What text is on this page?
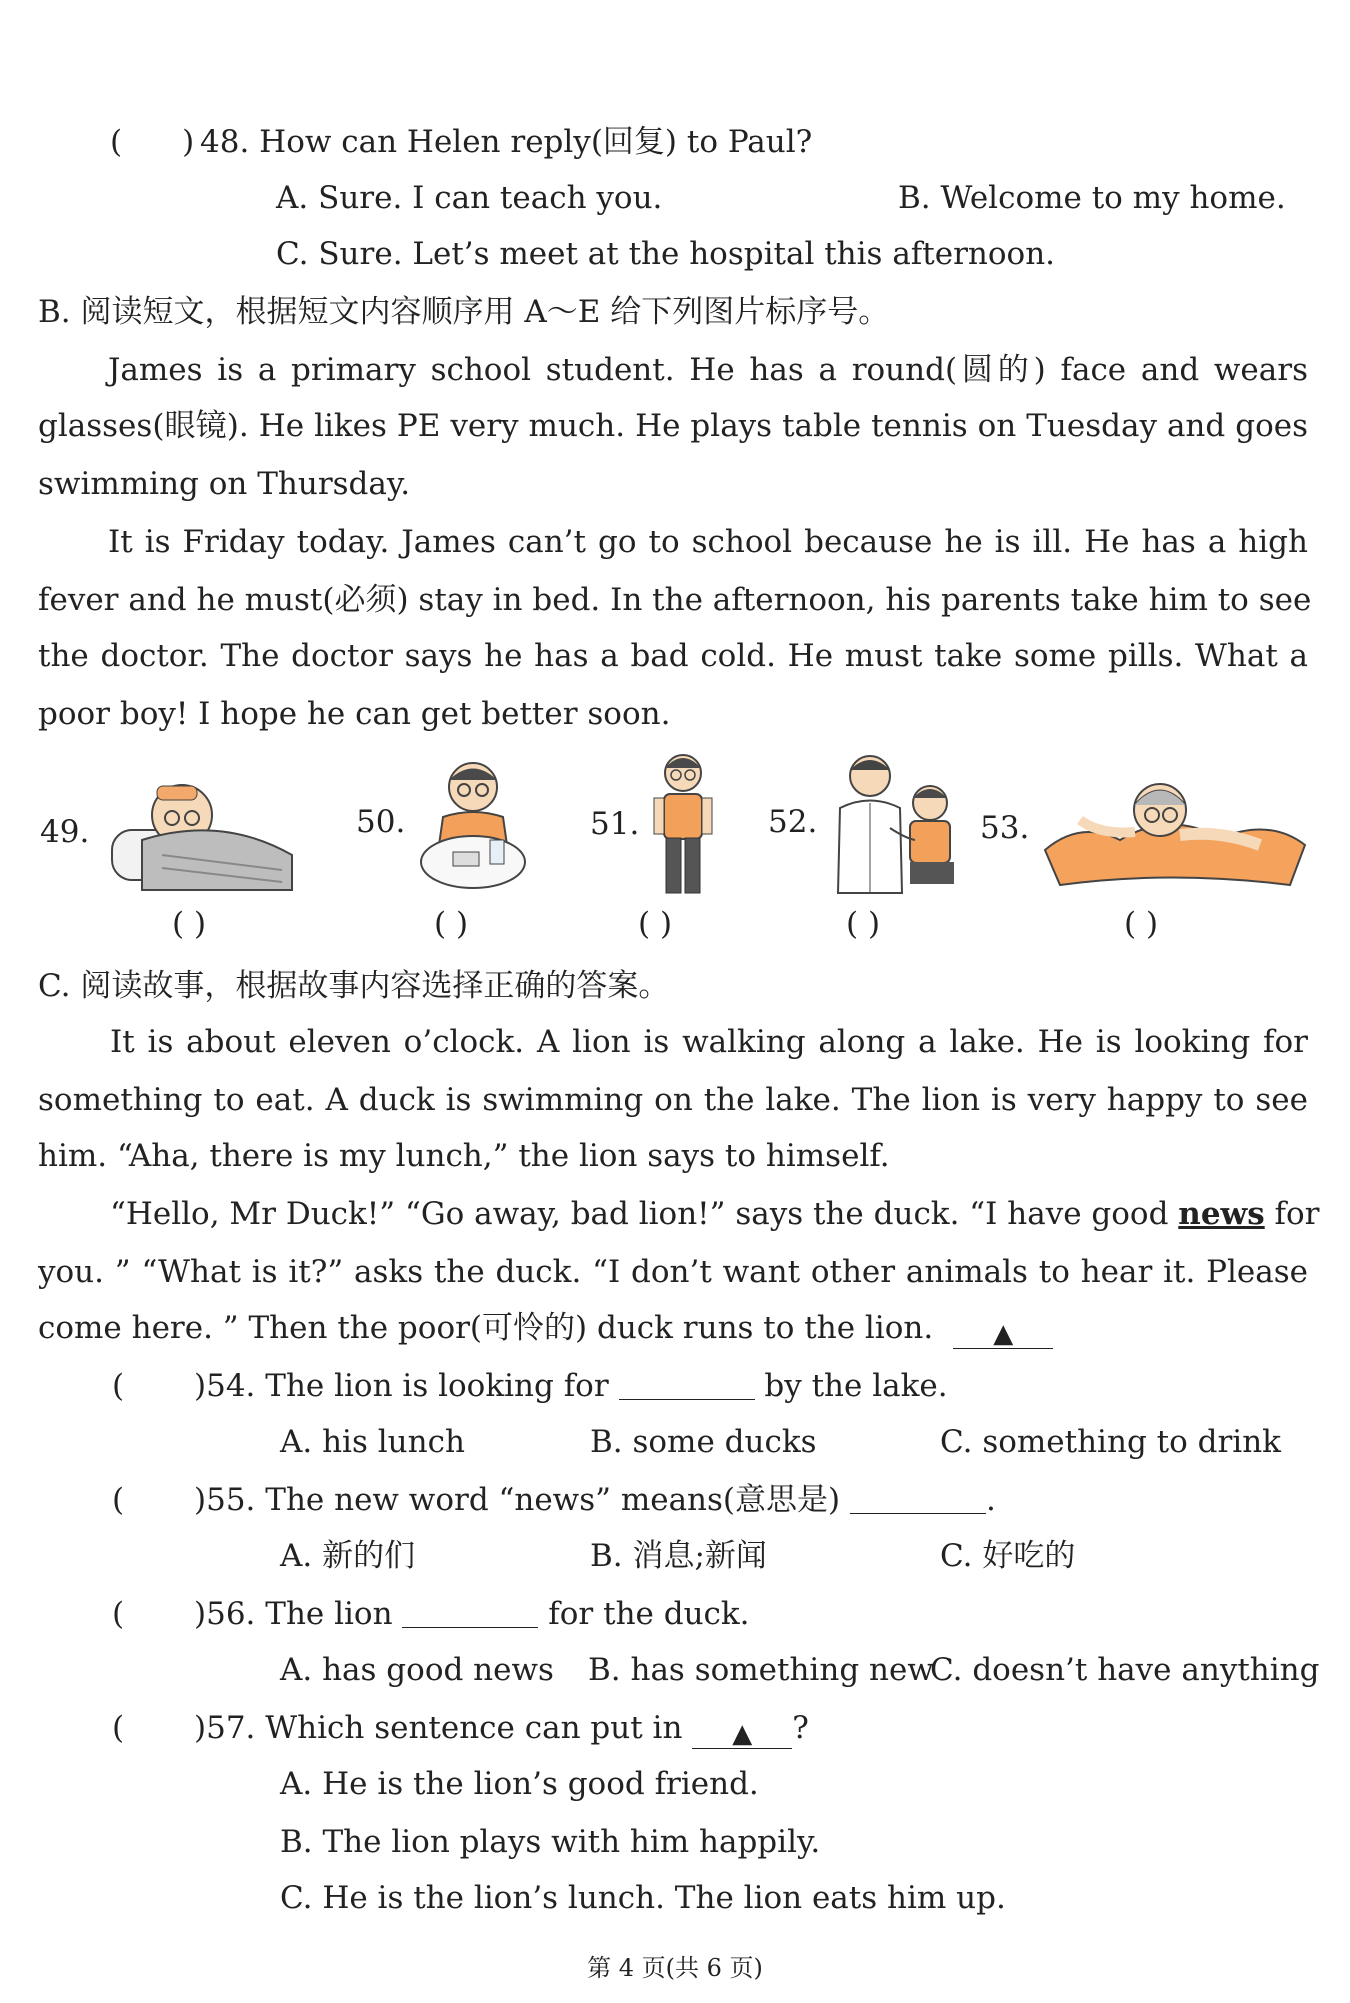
( ) 48. How can Helen reply(回复) to Paul?
A. Sure. I can teach you.	B. Welcome to my home.
C. Sure. Let’s meet at the hospital this afternoon.
B. 阅读短文，根据短文内容顺序用 A～E 给下列图片标序号。
James is a primary school student. He has a round(圆的) face and wears
glasses(眼镜). He likes PE very much. He plays table tennis on Tuesday and goes
swimming on Thursday.
It is Friday today. James can’t go to school because he is ill. He has a high
fever and he must(必须) stay in bed. In the afternoon, his parents take him to see
the doctor. The doctor says he has a bad cold. He must take some pills. What a
poor boy! I hope he can get better soon.
49.	50.	51.	52.	53.
( )	( )	( )	( )	( )
C. 阅读故事，根据故事内容选择正确的答案。
It is about eleven o’clock. A lion is walking along a lake. He is looking for
something to eat. A duck is swimming on the lake. The lion is very happy to see
him. “Aha, there is my lunch,” the lion says to himself.
“Hello, Mr Duck!” “Go away, bad lion!” says the duck. “I have good news for
you. ” “What is it?” asks the duck. “I don’t want other animals to hear it. Please
come here. ” Then the poor(可怜的) duck runs to the lion. ▲
( )54. The lion is looking for	by the lake.
A. his lunch	B. some ducks	C. something to drink
( )55. The new word “news” means(意思是)	.
A. 新的们	B. 消息;新闻	C. 好吃的
( )56. The lion	for the duck.
A. has good news B. has something new
C. doesn’t have anything
( )57. Which sentence can put in ▲ ?
A. He is the lion’s good friend.
B. The lion plays with him happily.
C. He is the lion’s lunch. The lion eats him up.
第 4 页(共 6 页)
